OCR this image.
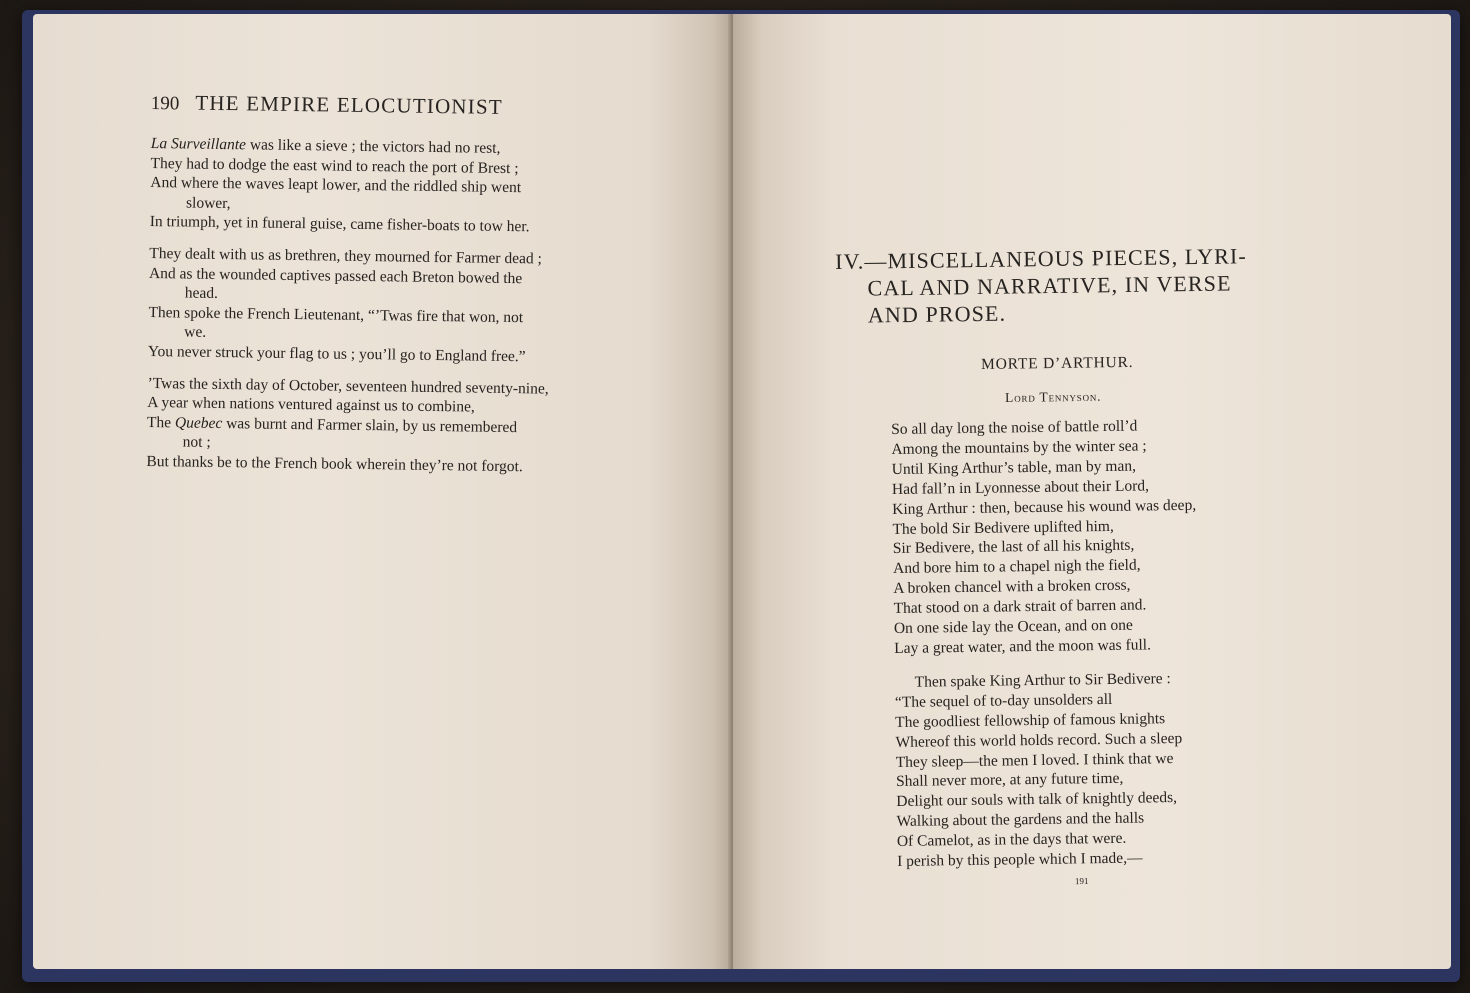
190 THE EMPIRE ELOCUTIONIST
La Surveillante was like a sieve ; the victors had no rest,
They had to dodge the east wind to reach the port of Brest ;
And where the waves leapt lower, and the riddled ship went
slower,
In triumph, yet in funeral guise, came fisher-boats to tow her.
They dealt with us as brethren, they mourned for Farmer dead ;
And as the wounded captives passed each Breton bowed the
head.
Then spoke the French Lieutenant, “’Twas fire that won, not
we.
You never struck your flag to us ; you’ll go to England free.”
’Twas the sixth day of October, seventeen hundred seventy-nine,
A year when nations ventured against us to combine,
The Quebec was burnt and Farmer slain, by us remembered
not ;
But thanks be to the French book wherein they’re not forgot.
IV.—MISCELLANEOUS PIECES, LYRI-
CAL AND NARRATIVE, IN VERSE
AND PROSE.
MORTE D’ARTHUR.
Lord Tennyson.
So all day long the noise of battle roll’d
Among the mountains by the winter sea ;
Until King Arthur’s table, man by man,
Had fall’n in Lyonnesse about their Lord,
King Arthur : then, because his wound was deep,
The bold Sir Bedivere uplifted him,
Sir Bedivere, the last of all his knights,
And bore him to a chapel nigh the field,
A broken chancel with a broken cross,
That stood on a dark strait of barren and.
On one side lay the Ocean, and on one
Lay a great water, and the moon was full.
Then spake King Arthur to Sir Bedivere :
“The sequel of to-day unsolders all
The goodliest fellowship of famous knights
Whereof this world holds record. Such a sleep
They sleep—the men I loved. I think that we
Shall never more, at any future time,
Delight our souls with talk of knightly deeds,
Walking about the gardens and the halls
Of Camelot, as in the days that were.
I perish by this people which I made,—
191
